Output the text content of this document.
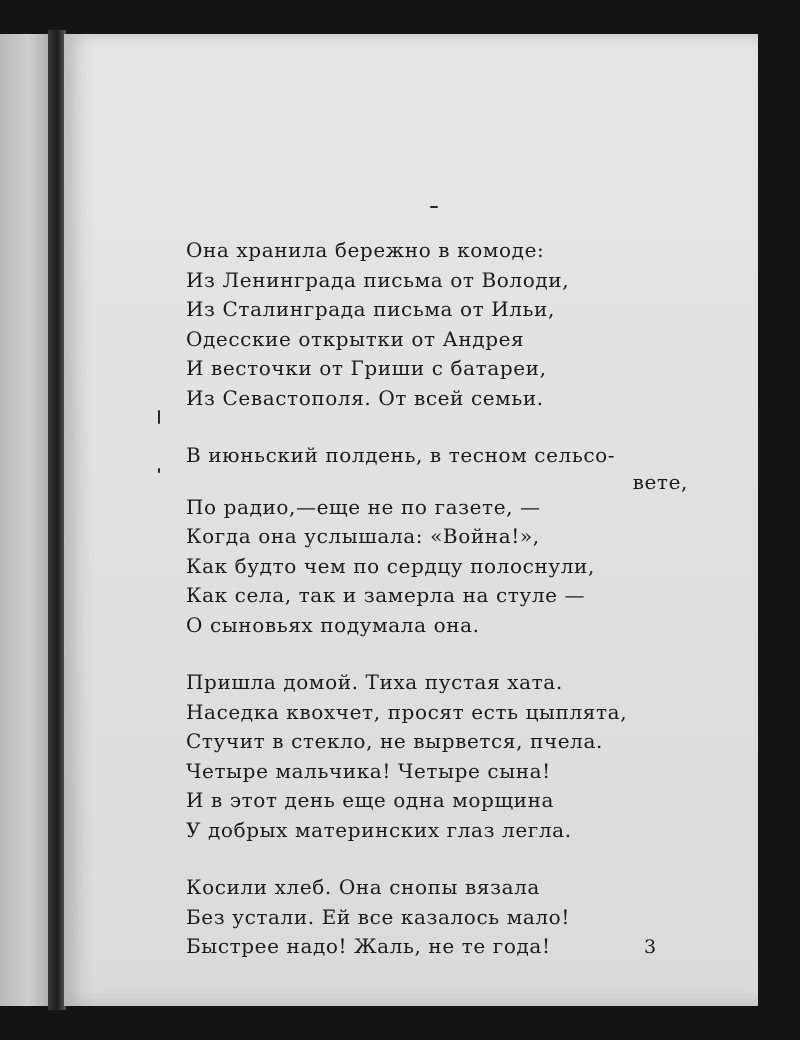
Она хранила бережно в комоде:
Из Ленинграда письма от Володи,
Из Сталинграда письма от Ильи,
Одесские открытки от Андрея
И весточки от Гриши с батареи,
Из Севастополя. От всей семьи.
В июньский полдень, в тесном сельсо-
вете,
По радио,—еще не по газете, —
Когда она услышала: «Война!»,
Как будто чем по сердцу полоснули,
Как села, так и замерла на стуле —
О сыновьях подумала она.
Пришла домой. Тиха пустая хата.
Наседка квохчет, просят есть цыплята,
Стучит в стекло, не вырвется, пчела.
Четыре мальчика! Четыре сына!
И в этот день еще одна морщина
У добрых материнских глаз легла.
Косили хлеб. Она снопы вязала
Без устали. Ей все казалось мало!
Быстрее надо! Жаль, не те года!	3
